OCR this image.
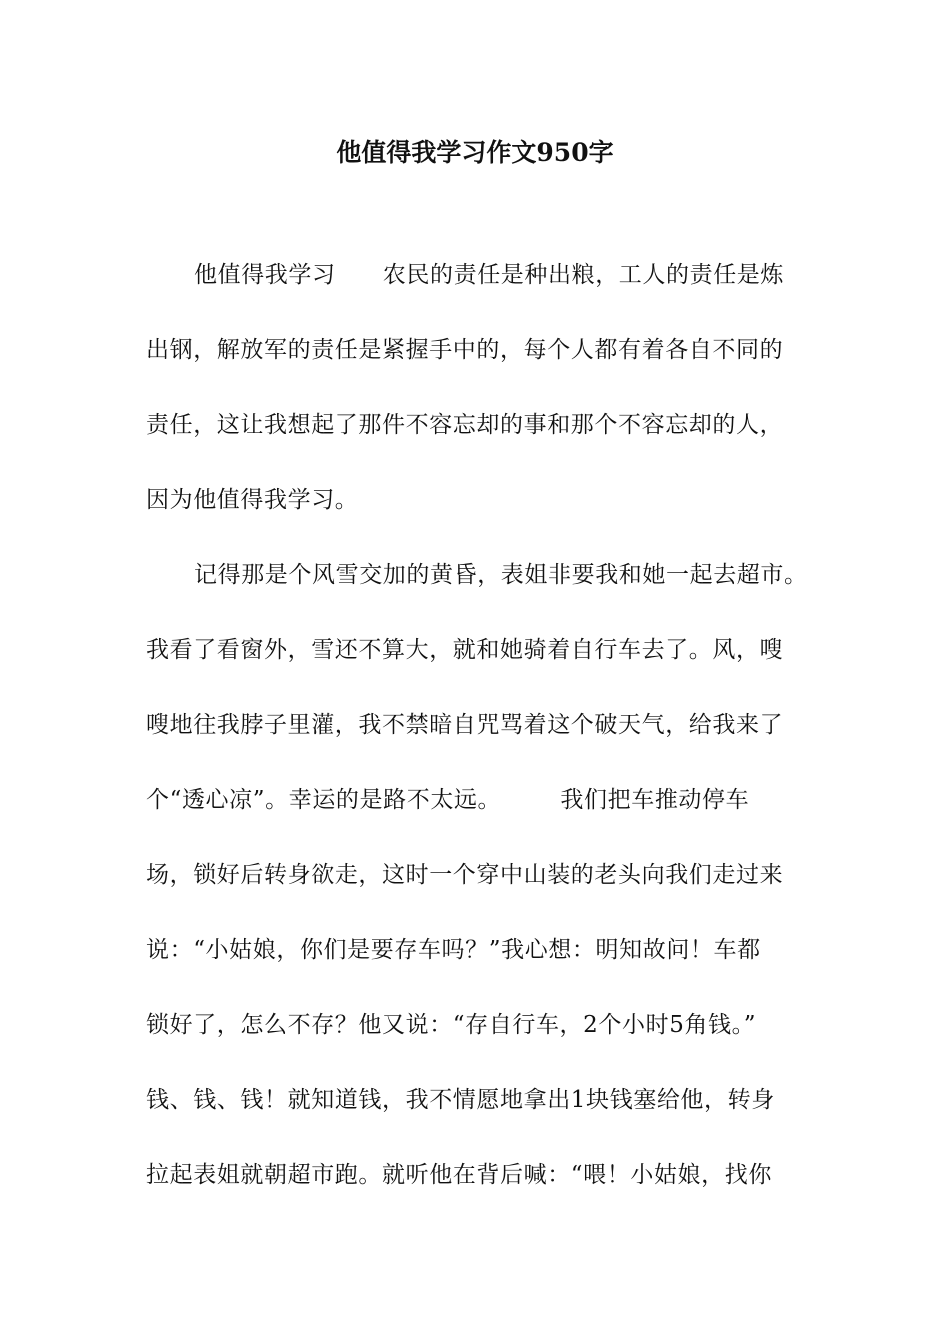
他值得我学习作文950字
他值得我学习　　农民的责任是种出粮，工人的责任是炼
出钢，解放军的责任是紧握手中的，每个人都有着各自不同的
责任，这让我想起了那件不容忘却的事和那个不容忘却的人，
因为他值得我学习。
记得那是个风雪交加的黄昏，表姐非要我和她一起去超市。
我看了看窗外，雪还不算大，就和她骑着自行车去了。风，嗖
嗖地往我脖子里灌，我不禁暗自咒骂着这个破天气，给我来了
个“透心凉”。幸运的是路不太远。　　　我们把车推动停车
场，锁好后转身欲走，这时一个穿中山装的老头向我们走过来
说：“小姑娘，你们是要存车吗？”我心想：明知故问！车都
锁好了，怎么不存？他又说：“存自行车，2个小时5角钱。”
钱、钱、钱！就知道钱，我不情愿地拿出1块钱塞给他，转身
拉起表姐就朝超市跑。就听他在背后喊：“喂！小姑娘，找你
